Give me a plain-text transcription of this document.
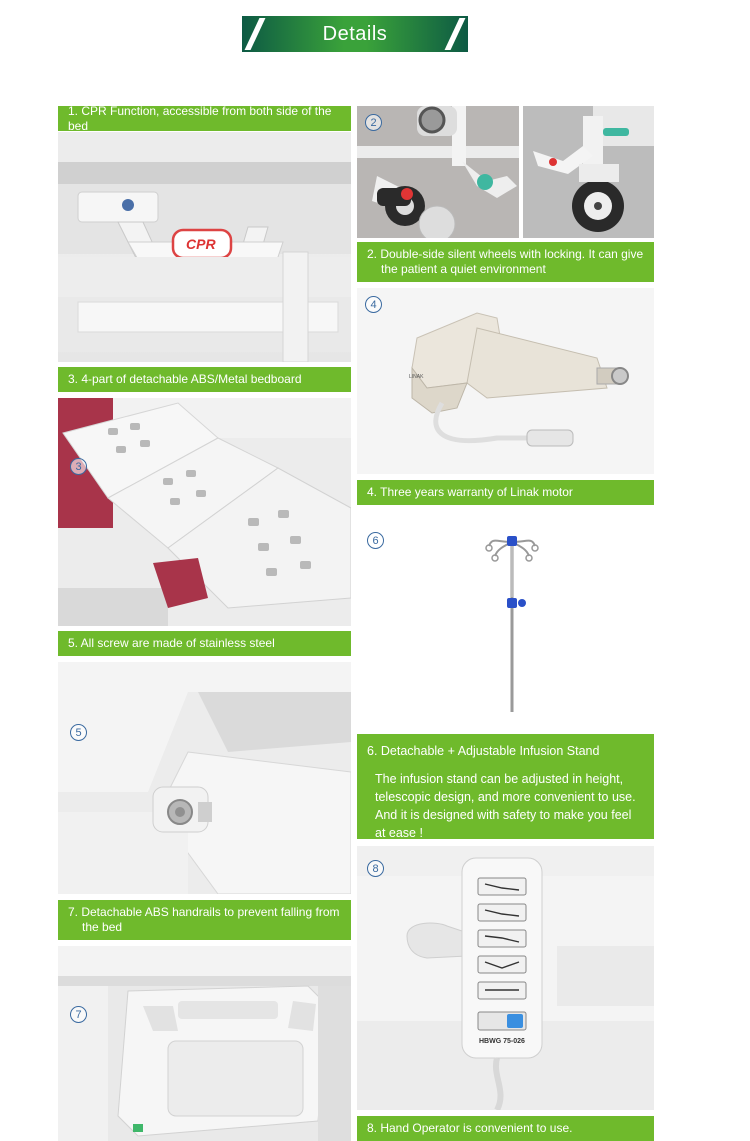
Details
1. CPR Function, accessible from both side of the bed
CPR
2
2. Double-side silent wheels with locking. It can give
the patient a quiet environment
4
LINAK
4. Three years warranty of Linak motor
3. 4-part of detachable ABS/Metal bedboard
3
5. All screw are made of stainless steel
5
6
6. Detachable + Adjustable Infusion Stand
The infusion stand can be adjusted in height, telescopic design, and more convenient to use. And it is designed with safety to make you feel at ease !
7. Detachable ABS handrails to prevent falling from
the bed
7
8
HBWG 75-026
8. Hand Operator is convenient to use.
